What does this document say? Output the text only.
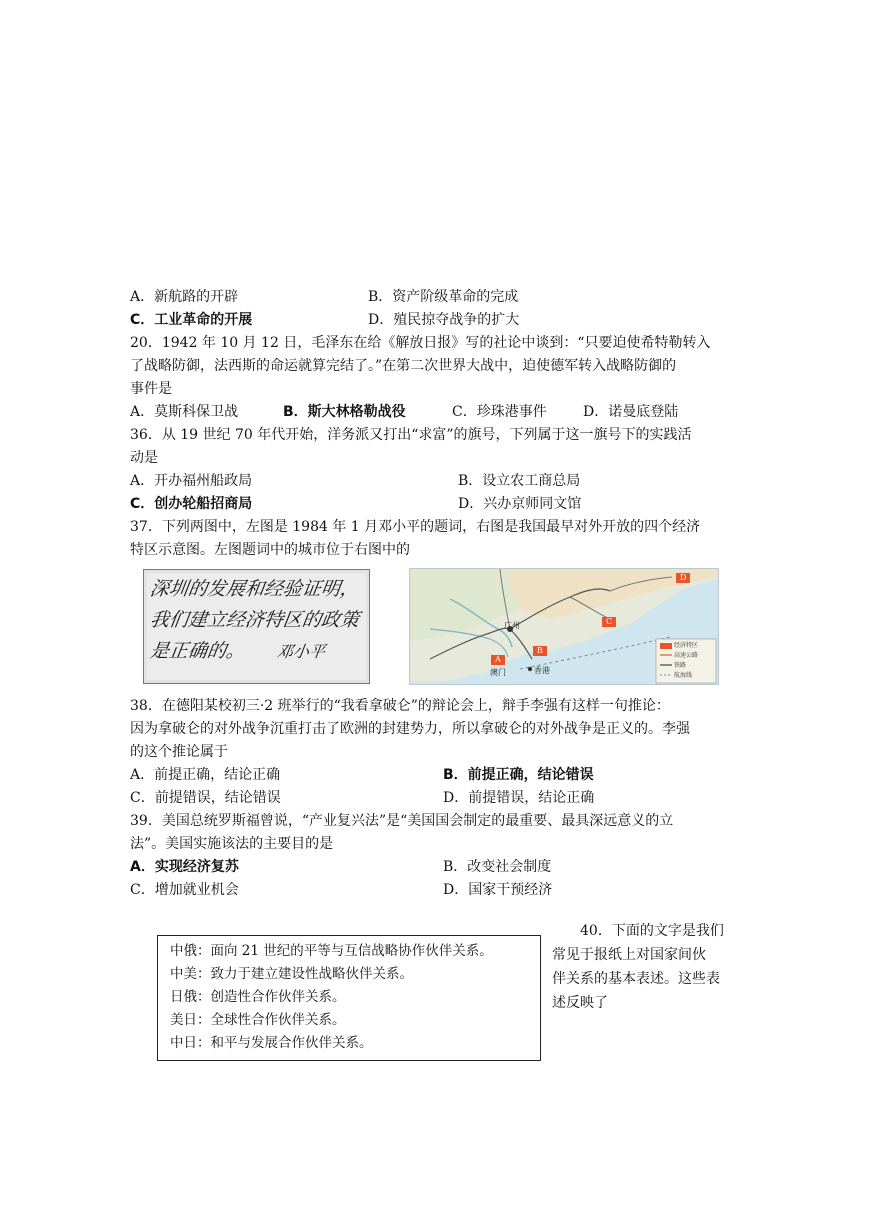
A．新航路的开辟	B．资产阶级革命的完成
C．工业革命的开展	D．殖民掠夺战争的扩大
20．1942 年 10 月 12 日，毛泽东在给《解放日报》写的社论中谈到：“只要迫使希特勒转入
了战略防御，法西斯的命运就算完结了。”在第二次世界大战中，迫使德军转入战略防御的
事件是
A．莫斯科保卫战	B．斯大林格勒战役	C．珍珠港事件	D．诺曼底登陆
36．从 19 世纪 70 年代开始，洋务派又打出“求富”的旗号，下列属于这一旗号下的实践活
动是
A．开办福州船政局	B．设立农工商总局
C．创办轮船招商局	D．兴办京师同文馆
37．下列两图中，左图是 1984 年 1 月邓小平的题词，右图是我国最早对外开放的四个经济
特区示意图。左图题词中的城市位于右图中的
深圳的发展和经验证明，
我们建立经济特区的政策
是正确的。 邓小平
广州
澳门	香港
A
B
C
D
经济特区
高速公路
铁路
航海线
38．在德阳某校初三·2 班举行的“我看拿破仑”的辩论会上，辩手李强有这样一句推论：
因为拿破仑的对外战争沉重打击了欧洲的封建势力，所以拿破仑的对外战争是正义的。李强
的这个推论属于
A．前提正确，结论正确	B．前提正确，结论错误
C．前提错误，结论错误	D．前提错误，结论正确
39．美国总统罗斯福曾说，“产业复兴法”是“美国国会制定的最重要、最具深远意义的立
法”。美国实施该法的主要目的是
A．实现经济复苏	B．改变社会制度
C．增加就业机会	D．国家干预经济
40．下面的文字是我们
常见于报纸上对国家间伙
伴关系的基本表述。这些表
述反映了
中俄：面向 21 世纪的平等与互信战略协作伙伴关系。
中美：致力于建立建设性战略伙伴关系。
日俄：创造性合作伙伴关系。
美日：全球性合作伙伴关系。
中日：和平与发展合作伙伴关系。
